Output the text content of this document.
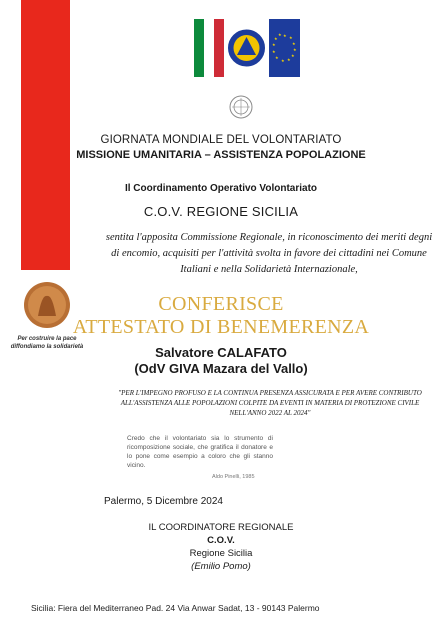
★ ★
★
★
★
★
★
★
★
★
★
★
GIORNATA MONDIALE DEL VOLONTARIATO
MISSIONE UMANITARIA – ASSISTENZA POPOLAZIONE
Il Coordinamento Operativo Volontariato
C.O.V. REGIONE SICILIA
sentita l'apposita Commissione Regionale, in riconoscimento dei meriti degni di encomio, acquisiti per l'attività svolta in favore dei cittadini nei Comune Italiani e nella Solidarietà Internazionale,
Per costruire la pace diffondiamo la solidarietà
CONFERISCE
ATTESTATO DI BENEMERENZA
Salvatore CALAFATO
(OdV GIVA Mazara del Vallo)
"PER L'IMPEGNO PROFUSO E LA CONTINUA PRESENZA ASSICURATA E PER AVERE CONTRIBUTO ALL'ASSISTENZA ALLE POPOLAZIONI COLPITE DA EVENTI IN MATERIA DI PROTEZIONE CIVILE NELL'ANNO 2022 AL 2024"
Credo che il volontariato sia lo strumento di ricomposizione sociale, che gratifica il donatore e lo pone come esempio a coloro che gli stanno vicino.
Aldo Pinelli, 1985
Palermo, 5 Dicembre 2024
IL COORDINATORE REGIONALE
C.O.V.
Regione Sicilia
(Emilio Pomo)
Sicilia: Fiera del Mediterraneo Pad. 24 Via Anwar Sadat, 13 - 90143 Palermo
